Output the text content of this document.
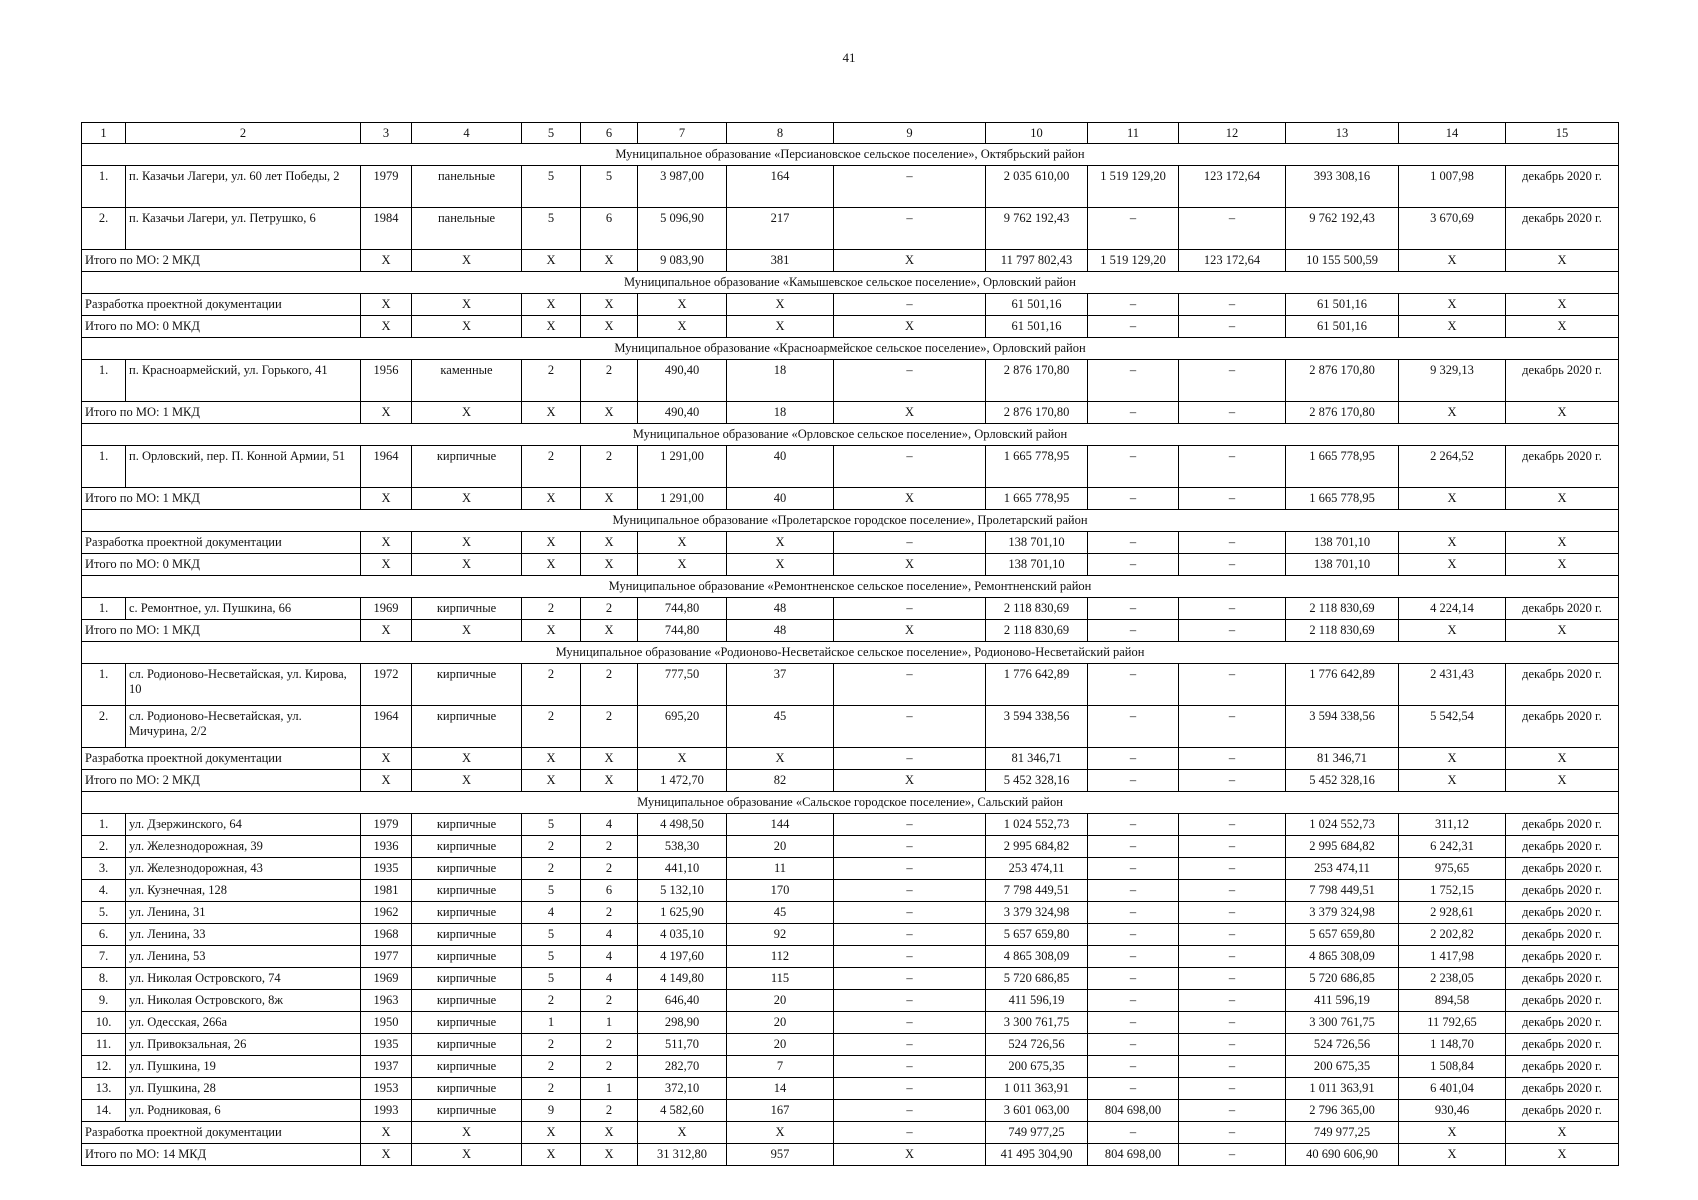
41
1	2	3	4	5	6	7	8	9	10	11	12	13	14	15
Муниципальное образование «Персиановское сельское поселение», Октябрьский район														
1.	п. Казачьи Лагери, ул. 60 лет Победы, 2	1979	панельные	5	5	3 987,00	164	–	2 035 610,00	1 519 129,20	123 172,64	393 308,16	1 007,98	декабрь 2020 г.
2.	п. Казачьи Лагери, ул. Петрушко, 6	1984	панельные	5	6	5 096,90	217	–	9 762 192,43	–	–	9 762 192,43	3 670,69	декабрь 2020 г.
Итого по МО: 2 МКД		X	X	X	X	9 083,90	381	X	11 797 802,43	1 519 129,20	123 172,64	10 155 500,59	X	X
Муниципальное образование «Камышевское сельское поселение», Орловский район														
Разработка проектной документации		X	X	X	X	X	X	–	61 501,16	–	–	61 501,16	X	X
Итого по МО: 0 МКД		X	X	X	X	X	X	X	61 501,16	–	–	61 501,16	X	X
Муниципальное образование «Красноармейское сельское поселение», Орловский район														
1.	п. Красноармейский, ул. Горького, 41	1956	каменные	2	2	490,40	18	–	2 876 170,80	–	–	2 876 170,80	9 329,13	декабрь 2020 г.
Итого по МО: 1 МКД		X	X	X	X	490,40	18	X	2 876 170,80	–	–	2 876 170,80	X	X
Муниципальное образование «Орловское сельское поселение», Орловский район														
1.	п. Орловский, пер. П. Конной Армии, 51	1964	кирпичные	2	2	1 291,00	40	–	1 665 778,95	–	–	1 665 778,95	2 264,52	декабрь 2020 г.
Итого по МО: 1 МКД		X	X	X	X	1 291,00	40	X	1 665 778,95	–	–	1 665 778,95	X	X
Муниципальное образование «Пролетарское городское поселение», Пролетарский район														
Разработка проектной документации		X	X	X	X	X	X	–	138 701,10	–	–	138 701,10	X	X
Итого по МО: 0 МКД		X	X	X	X	X	X	X	138 701,10	–	–	138 701,10	X	X
Муниципальное образование «Ремонтненское сельское поселение», Ремонтненский район														
1.	с. Ремонтное, ул. Пушкина, 66	1969	кирпичные	2	2	744,80	48	–	2 118 830,69	–	–	2 118 830,69	4 224,14	декабрь 2020 г.
Итого по МО: 1 МКД		X	X	X	X	744,80	48	X	2 118 830,69	–	–	2 118 830,69	X	X
Муниципальное образование «Родионово-Несветайское сельское поселение», Родионово-Несветайский район														
1.	сл. Родионово-Несветайская, ул. Кирова, 10	1972	кирпичные	2	2	777,50	37	–	1 776 642,89	–	–	1 776 642,89	2 431,43	декабрь 2020 г.
2.	сл. Родионово-Несветайская, ул. Мичурина, 2/2	1964	кирпичные	2	2	695,20	45	–	3 594 338,56	–	–	3 594 338,56	5 542,54	декабрь 2020 г.
Разработка проектной документации		X	X	X	X	X	X	–	81 346,71	–	–	81 346,71	X	X
Итого по МО: 2 МКД		X	X	X	X	1 472,70	82	X	5 452 328,16	–	–	5 452 328,16	X	X
Муниципальное образование «Сальское городское поселение», Сальский район														
1.	ул. Дзержинского, 64	1979	кирпичные	5	4	4 498,50	144	–	1 024 552,73	–	–	1 024 552,73	311,12	декабрь 2020 г.
2.	ул. Железнодорожная, 39	1936	кирпичные	2	2	538,30	20	–	2 995 684,82	–	–	2 995 684,82	6 242,31	декабрь 2020 г.
3.	ул. Железнодорожная, 43	1935	кирпичные	2	2	441,10	11	–	253 474,11	–	–	253 474,11	975,65	декабрь 2020 г.
4.	ул. Кузнечная, 128	1981	кирпичные	5	6	5 132,10	170	–	7 798 449,51	–	–	7 798 449,51	1 752,15	декабрь 2020 г.
5.	ул. Ленина, 31	1962	кирпичные	4	2	1 625,90	45	–	3 379 324,98	–	–	3 379 324,98	2 928,61	декабрь 2020 г.
6.	ул. Ленина, 33	1968	кирпичные	5	4	4 035,10	92	–	5 657 659,80	–	–	5 657 659,80	2 202,82	декабрь 2020 г.
7.	ул. Ленина, 53	1977	кирпичные	5	4	4 197,60	112	–	4 865 308,09	–	–	4 865 308,09	1 417,98	декабрь 2020 г.
8.	ул. Николая Островского, 74	1969	кирпичные	5	4	4 149,80	115	–	5 720 686,85	–	–	5 720 686,85	2 238,05	декабрь 2020 г.
9.	ул. Николая Островского, 8ж	1963	кирпичные	2	2	646,40	20	–	411 596,19	–	–	411 596,19	894,58	декабрь 2020 г.
10.	ул. Одесская, 266а	1950	кирпичные	1	1	298,90	20	–	3 300 761,75	–	–	3 300 761,75	11 792,65	декабрь 2020 г.
11.	ул. Привокзальная, 26	1935	кирпичные	2	2	511,70	20	–	524 726,56	–	–	524 726,56	1 148,70	декабрь 2020 г.
12.	ул. Пушкина, 19	1937	кирпичные	2	2	282,70	7	–	200 675,35	–	–	200 675,35	1 508,84	декабрь 2020 г.
13.	ул. Пушкина, 28	1953	кирпичные	2	1	372,10	14	–	1 011 363,91	–	–	1 011 363,91	6 401,04	декабрь 2020 г.
14.	ул. Родниковая, 6	1993	кирпичные	9	2	4 582,60	167	–	3 601 063,00	804 698,00	–	2 796 365,00	930,46	декабрь 2020 г.
Разработка проектной документации		X	X	X	X	X	X	–	749 977,25	–	–	749 977,25	X	X
Итого по МО: 14 МКД		X	X	X	X	31 312,80	957	X	41 495 304,90	804 698,00	–	40 690 606,90	X	X
